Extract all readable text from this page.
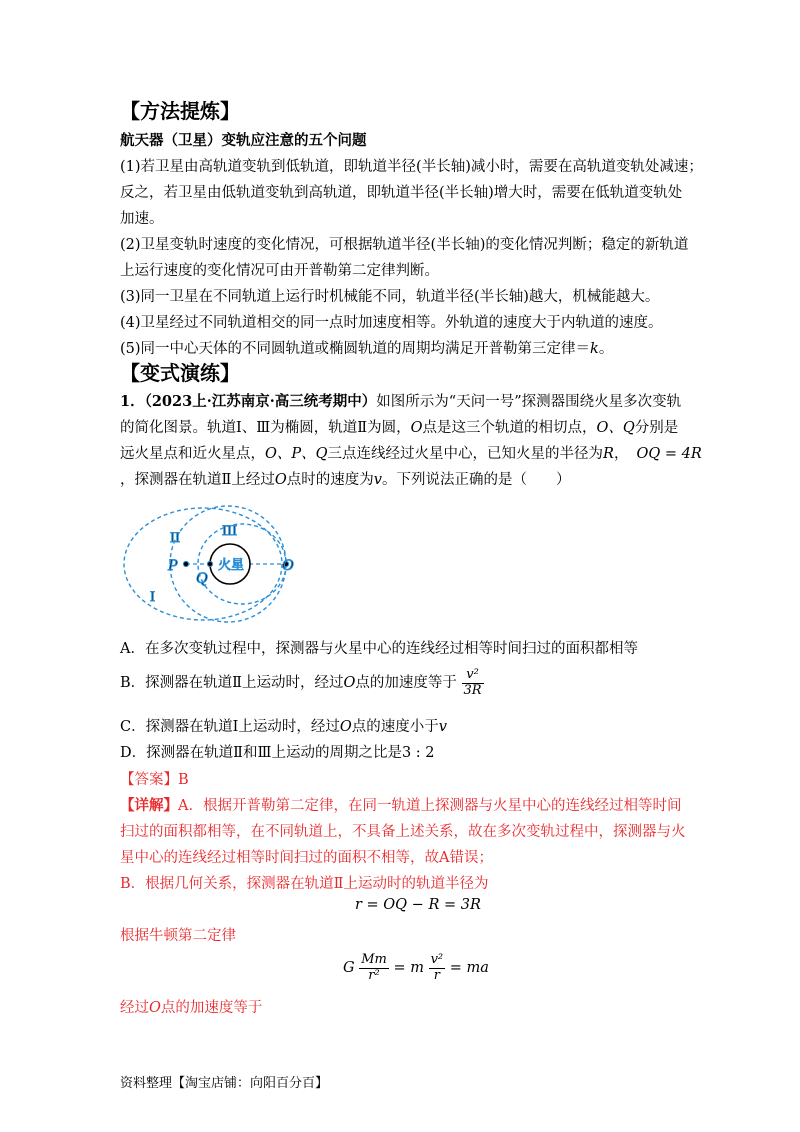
【方法提炼】
航天器（卫星）变轨应注意的五个问题
(1)若卫星由高轨道变轨到低轨道，即轨道半径(半长轴)减小时，需要在高轨道变轨处减速；
反之，若卫星由低轨道变轨到高轨道，即轨道半径(半长轴)增大时，需要在低轨道变轨处
加速。
(2)卫星变轨时速度的变化情况，可根据轨道半径(半长轴)的变化情况判断；稳定的新轨道
上运行速度的变化情况可由开普勒第二定律判断。
(3)同一卫星在不同轨道上运行时机械能不同，轨道半径(半长轴)越大，机械能越大。
(4)卫星经过不同轨道相交的同一点时加速度相等。外轨道的速度大于内轨道的速度。
(5)同一中心天体的不同圆轨道或椭圆轨道的周期均满足开普勒第三定律＝k。
【变式演练】
1．（2023上·江苏南京·高三统考期中）如图所示为“天问一号”探测器围绕火星多次变轨
的简化图景。轨道Ⅰ、Ⅲ为椭圆，轨道Ⅱ为圆，O点是这三个轨道的相切点，O、Q分别是
远火星点和近火星点，O、P、Q三点连线经过火星中心，已知火星的半径为R， OQ = 4R
，探测器在轨道Ⅱ上经过O点时的速度为v。下列说法正确的是（　　）
火星
II	III
P
Q
O
I
A．在多次变轨过程中，探测器与火星中心的连线经过相等时间扫过的面积都相等
B．探测器在轨道Ⅱ上运动时，经过O点的加速度等于 $\frac{\text{v²}}{3R}$
C．探测器在轨道Ⅰ上运动时，经过O点的速度小于v
D．探测器在轨道Ⅱ和Ⅲ上运动的周期之比是3 : 2
【答案】B
【详解】A．根据开普勒第二定律，在同一轨道上探测器与火星中心的连线经过相等时间
扫过的面积都相等，在不同轨道上，不具备上述关系，故在多次变轨过程中，探测器与火
星中心的连线经过相等时间扫过的面积不相等，故A错误；
B．根据几何关系，探测器在轨道Ⅱ上运动时的轨道半径为
r = OQ − R = 3R
根据牛顿第二定律
G $\frac{Mm}{\text{r²}} = m \frac{\text{v²}}{r}$ = ma
经过O点的加速度等于
资料整理【淘宝店铺：向阳百分百】
